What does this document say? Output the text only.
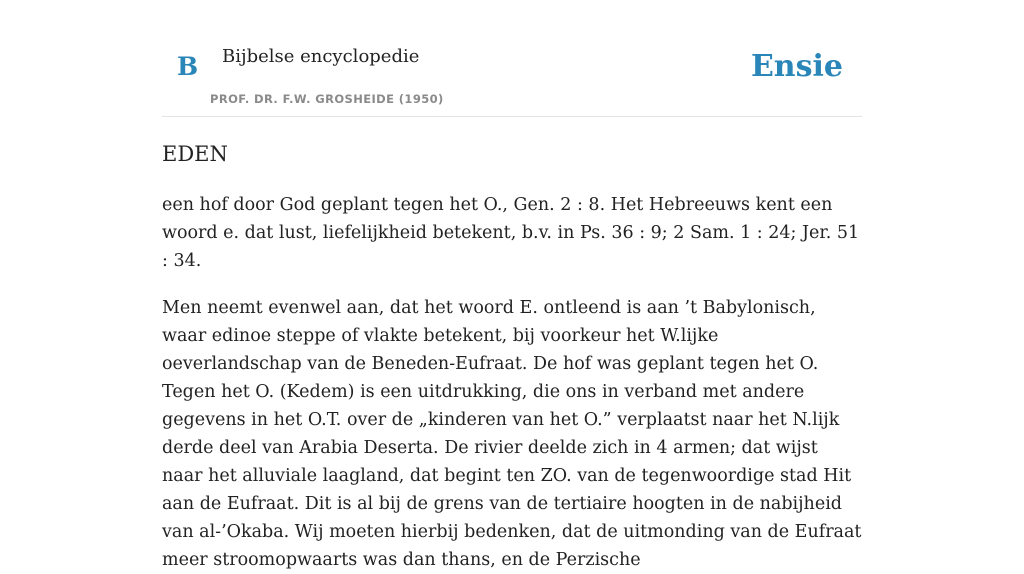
B Bijbelse encyclopedie
PROF. DR. F.W. GROSHEIDE (1950)
Ensie
EDEN

een hof door God geplant tegen het O., Gen. 2 : 8. Het Hebreeuws kent een woord e. dat lust, liefelijkheid betekent, b.v. in Ps. 36 : 9; 2 Sam. 1 : 24; Jer. 51 : 34.

Men neemt evenwel aan, dat het woord E. ontleend is aan ’t Babylonisch, waar edinoe steppe of vlakte betekent, bij voorkeur het W.lijke oeverlandschap van de Beneden-Eufraat. De hof was geplant tegen het O. Tegen het O. (Kedem) is een uitdrukking, die ons in verband met andere gegevens in het O.T. over de „kinderen van het O.” verplaatst naar het N.lijk derde deel van Arabia Deserta. De rivier deelde zich in 4 armen; dat wijst naar het alluviale laagland, dat begint ten ZO. van de tegenwoordige stad Hit aan de Eufraat. Dit is al bij de grens van de tertiaire hoogten in de nabijheid van al-’Okaba. Wij moeten hierbij bedenken, dat de uitmonding van de Eufraat meer stroomopwaarts was dan thans, en de Perzische
